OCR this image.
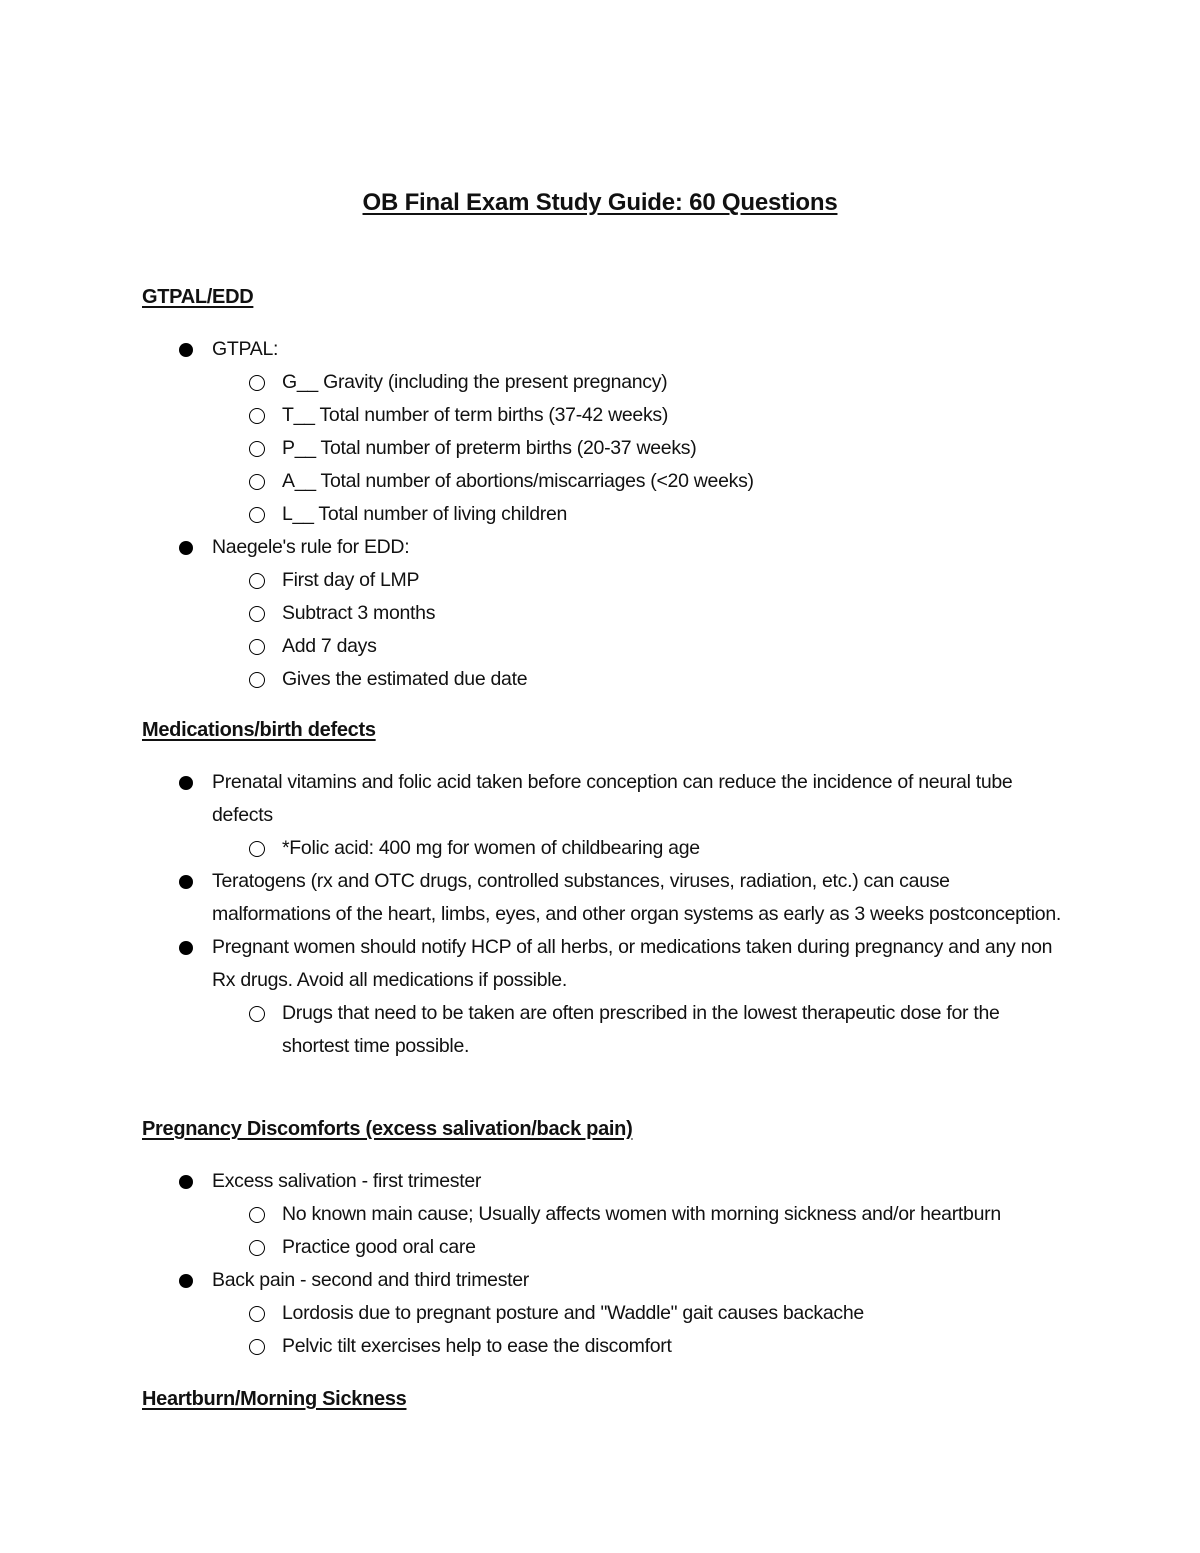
OB Final Exam Study Guide: 60 Questions
GTPAL/EDD
GTPAL:
G__ Gravity (including the present pregnancy)
T__ Total number of term births (37-42 weeks)
P__ Total number of preterm births (20-37 weeks)
A__ Total number of abortions/miscarriages (<20 weeks)
L__ Total number of living children
Naegele's rule for EDD:
First day of LMP
Subtract 3 months
Add 7 days
Gives the estimated due date
Medications/birth defects
Prenatal vitamins and folic acid taken before conception can reduce the incidence of neural tube defects
*Folic acid: 400 mg for women of childbearing age
Teratogens (rx and OTC drugs, controlled substances, viruses, radiation, etc.) can cause malformations of the heart, limbs, eyes, and other organ systems as early as 3 weeks postconception.
Pregnant women should notify HCP of all herbs, or medications taken during pregnancy and any non Rx drugs. Avoid all medications if possible.
Drugs that need to be taken are often prescribed in the lowest therapeutic dose for the shortest time possible.
Pregnancy Discomforts (excess salivation/back pain)
Excess salivation - first trimester
No known main cause; Usually affects women with morning sickness and/or heartburn
Practice good oral care
Back pain - second and third trimester
Lordosis due to pregnant posture and "Waddle" gait causes backache
Pelvic tilt exercises help to ease the discomfort
Heartburn/Morning Sickness
